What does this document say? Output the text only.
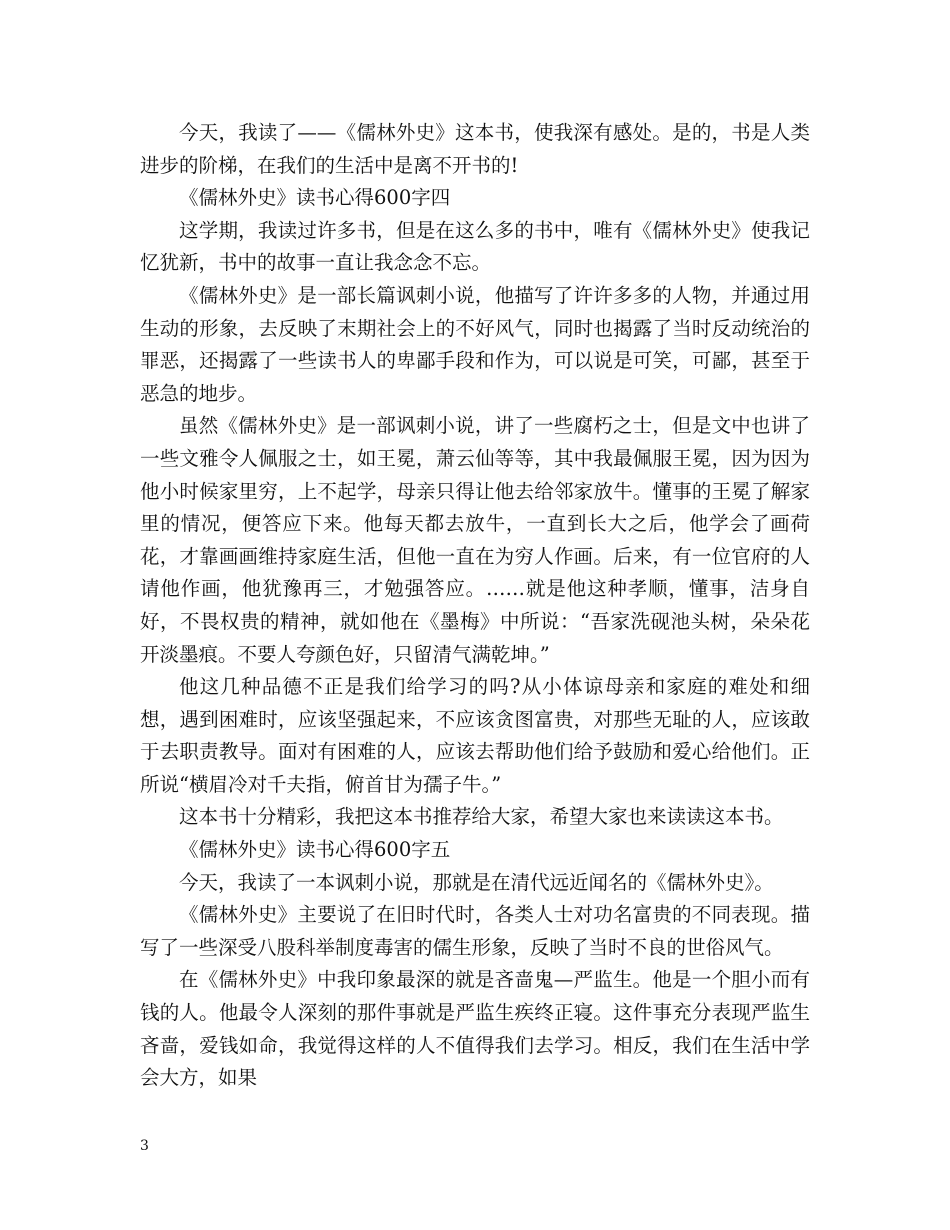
今天，我读了——《儒林外史》这本书，使我深有感处。是的，书是人类进步的阶梯，在我们的生活中是离不开书的!

《儒林外史》读书心得600字四

这学期，我读过许多书，但是在这么多的书中，唯有《儒林外史》使我记忆犹新，书中的故事一直让我念念不忘。

《儒林外史》是一部长篇讽刺小说，他描写了许许多多的人物，并通过用生动的形象，去反映了末期社会上的不好风气，同时也揭露了当时反动统治的罪恶，还揭露了一些读书人的卑鄙手段和作为，可以说是可笑，可鄙，甚至于恶急的地步。

虽然《儒林外史》是一部讽刺小说，讲了一些腐朽之士，但是文中也讲了一些文雅令人佩服之士，如王冕，萧云仙等等，其中我最佩服王冕，因为因为他小时候家里穷，上不起学，母亲只得让他去给邻家放牛。懂事的王冕了解家里的情况，便答应下来。他每天都去放牛，一直到长大之后，他学会了画荷花，才靠画画维持家庭生活，但他一直在为穷人作画。后来，有一位官府的人请他作画，他犹豫再三，才勉强答应。……就是他这种孝顺，懂事，洁身自好，不畏权贵的精神，就如他在《墨梅》中所说：“吾家洗砚池头树，朵朵花开淡墨痕。不要人夸颜色好，只留清气满乾坤。”

他这几种品德不正是我们给学习的吗?从小体谅母亲和家庭的难处和细想，遇到困难时，应该坚强起来，不应该贪图富贵，对那些无耻的人，应该敢于去职责教导。面对有困难的人，应该去帮助他们给予鼓励和爱心给他们。正所说“横眉冷对千夫指，俯首甘为孺子牛。”

这本书十分精彩，我把这本书推荐给大家，希望大家也来读读这本书。

《儒林外史》读书心得600字五

今天，我读了一本讽刺小说，那就是在清代远近闻名的《儒林外史》。

《儒林外史》主要说了在旧时代时，各类人士对功名富贵的不同表现。描写了一些深受八股科举制度毒害的儒生形象，反映了当时不良的世俗风气。

在《儒林外史》中我印象最深的就是吝啬鬼—严监生。他是一个胆小而有钱的人。他最令人深刻的那件事就是严监生疾终正寝。这件事充分表现严监生吝啬，爱钱如命，我觉得这样的人不值得我们去学习。相反，我们在生活中学会大方，如果

3
